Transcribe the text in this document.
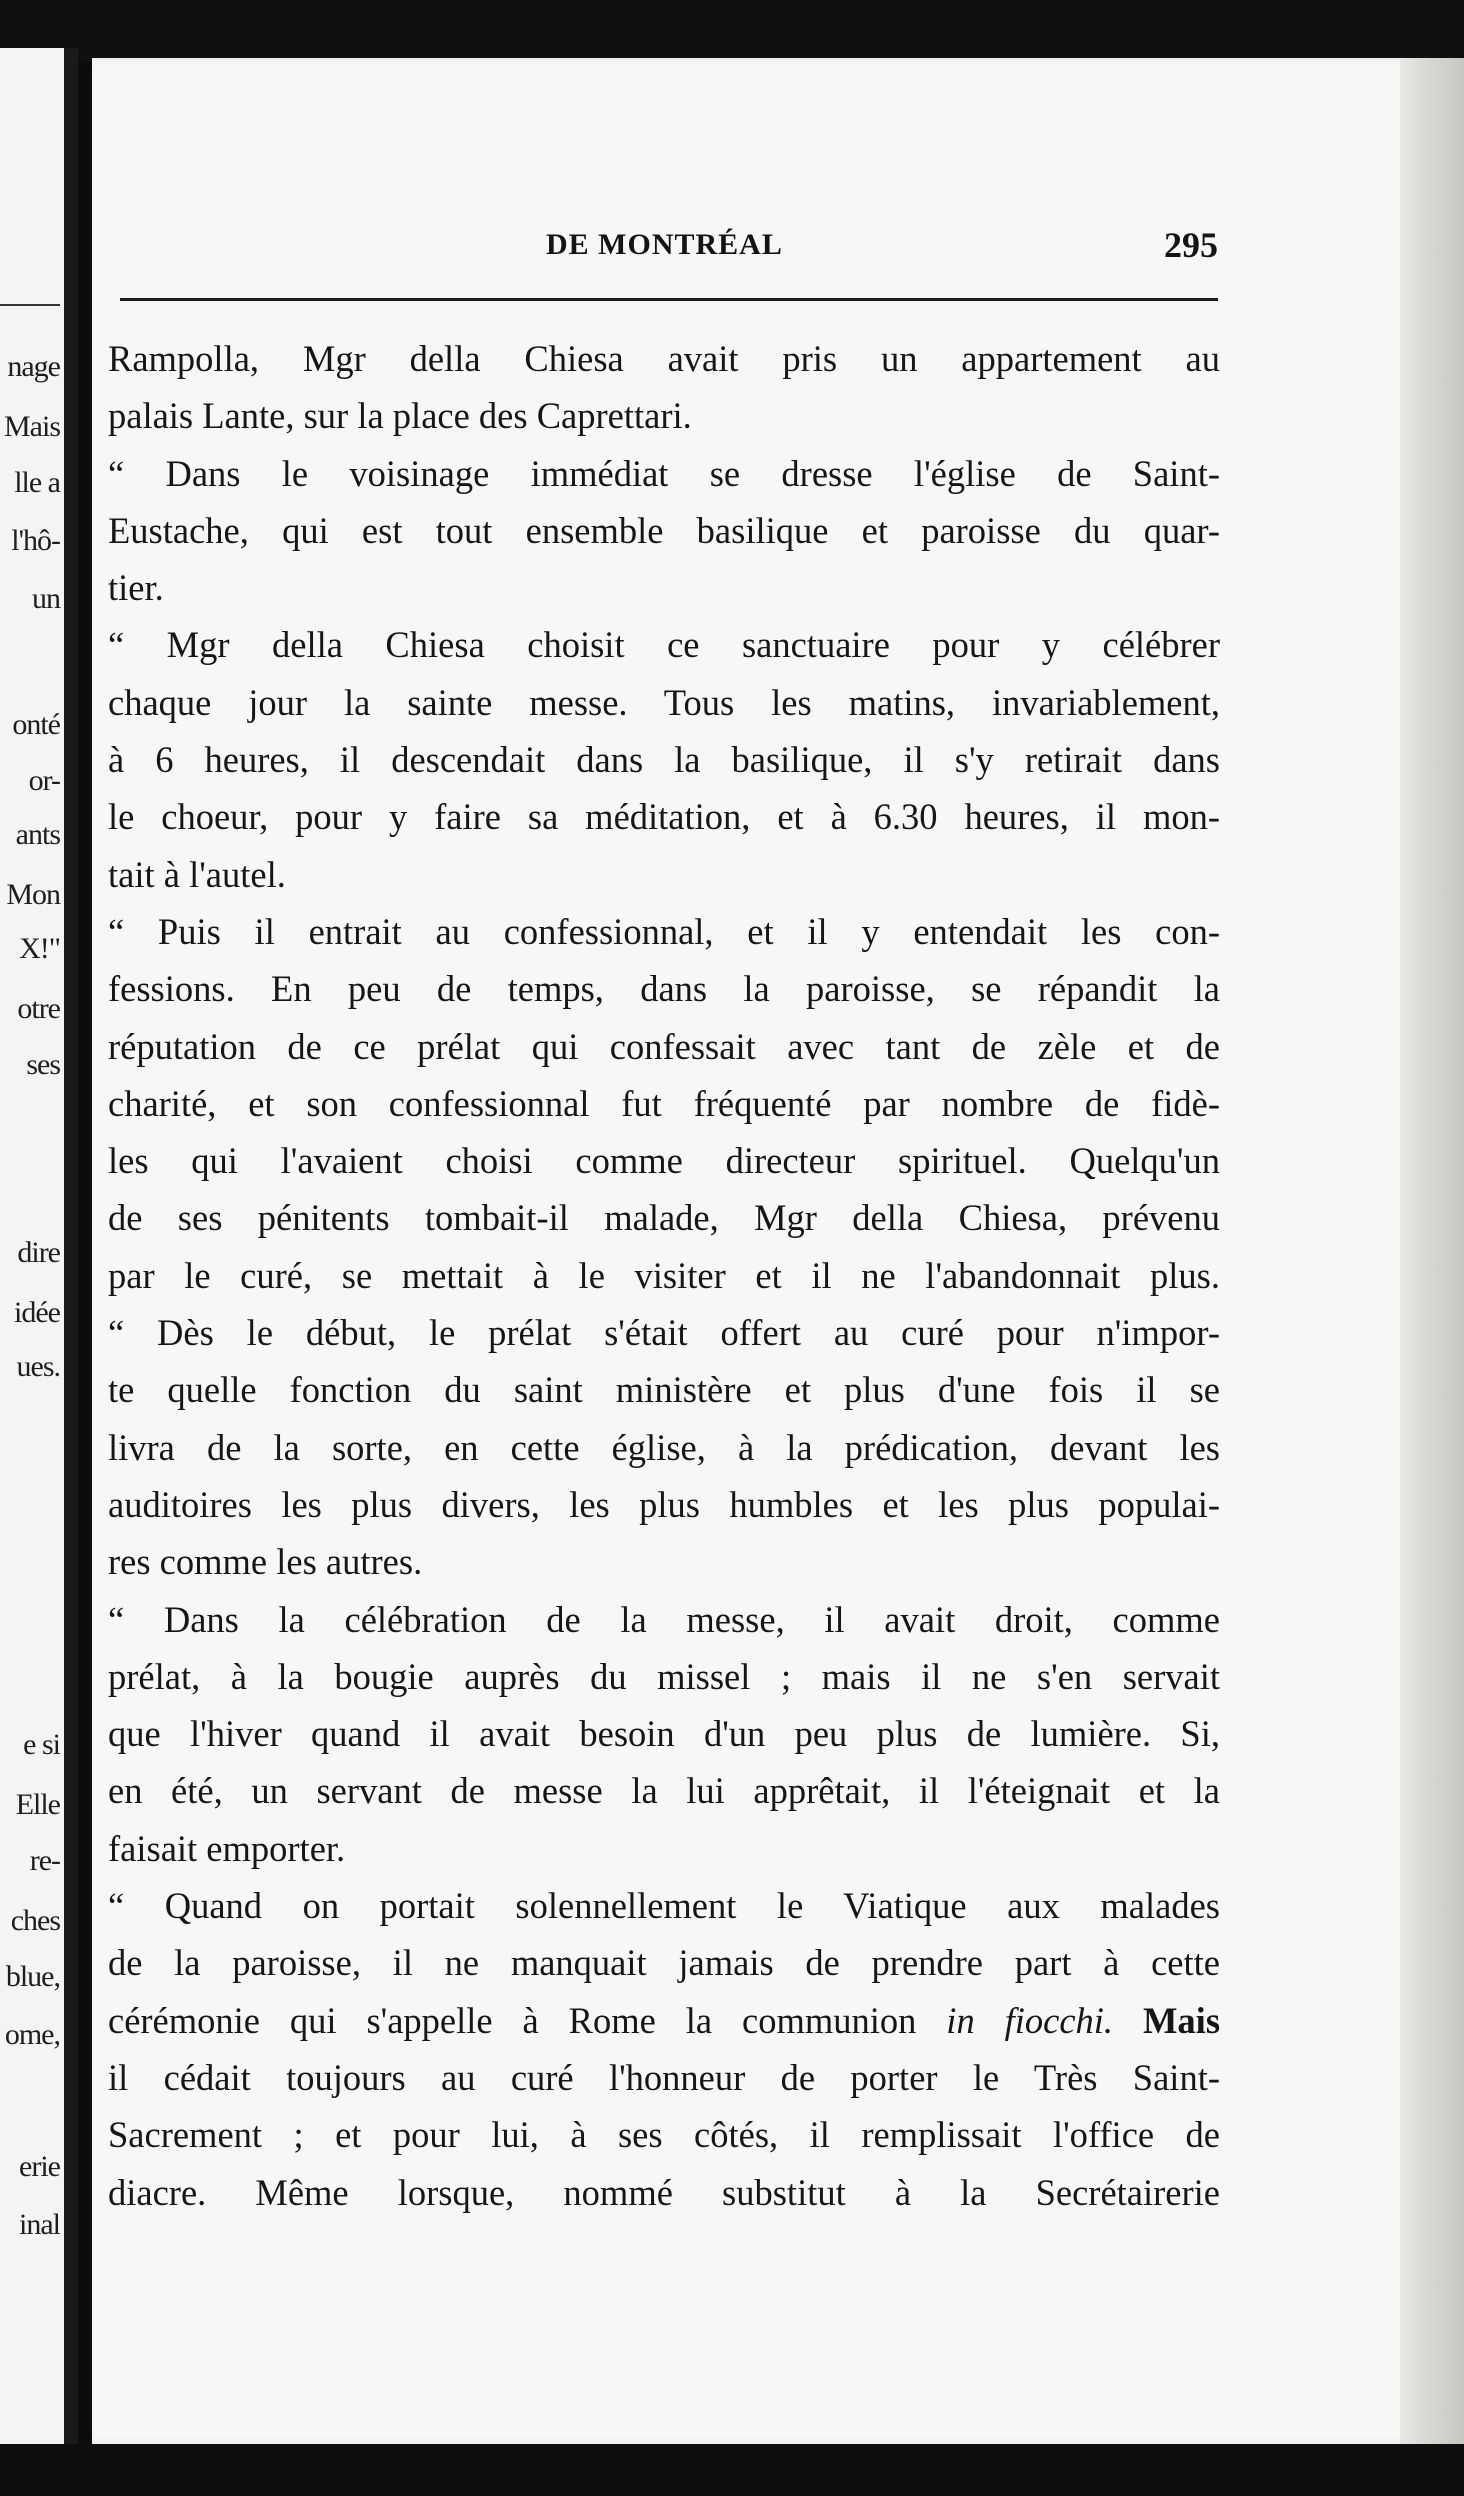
nage
Mais
lle a
l'hô-
un
onté
or-
ants
Mon
X!"
otre
ses
dire
idée
ues.
e si
Elle
re-
ches
blue,
ome,
erie
inal
DE MONTRÉAL	295
Rampolla, Mgr della Chiesa avait pris un appartement au
palais Lante, sur la place des Caprettari.
“ Dans le voisinage immédiat se dresse l'église de Saint-
Eustache, qui est tout ensemble basilique et paroisse du quar-
tier.
“ Mgr della Chiesa choisit ce sanctuaire pour y célébrer
chaque jour la sainte messe. Tous les matins, invariablement,
à 6 heures, il descendait dans la basilique, il s'y retirait dans
le choeur, pour y faire sa méditation, et à 6.30 heures, il mon-
tait à l'autel.
“ Puis il entrait au confessionnal, et il y entendait les con-
fessions. En peu de temps, dans la paroisse, se répandit la
réputation de ce prélat qui confessait avec tant de zèle et de
charité, et son confessionnal fut fréquenté par nombre de fidè-
les qui l'avaient choisi comme directeur spirituel. Quelqu'un
de ses pénitents tombait-il malade, Mgr della Chiesa, prévenu
par le curé, se mettait à le visiter et il ne l'abandonnait plus.
“ Dès le début, le prélat s'était offert au curé pour n'impor-
te quelle fonction du saint ministère et plus d'une fois il se
livra de la sorte, en cette église, à la prédication, devant les
auditoires les plus divers, les plus humbles et les plus populai-
res comme les autres.
“ Dans la célébration de la messe, il avait droit, comme
prélat, à la bougie auprès du missel ; mais il ne s'en servait
que l'hiver quand il avait besoin d'un peu plus de lumière. Si,
en été, un servant de messe la lui apprêtait, il l'éteignait et la
faisait emporter.
“ Quand on portait solennellement le Viatique aux malades
de la paroisse, il ne manquait jamais de prendre part à cette
cérémonie qui s'appelle à Rome la communion in fiocchi. Mais
il cédait toujours au curé l'honneur de porter le Très Saint-
Sacrement ; et pour lui, à ses côtés, il remplissait l'office de
diacre. Même lorsque, nommé substitut à la Secrétairerie
